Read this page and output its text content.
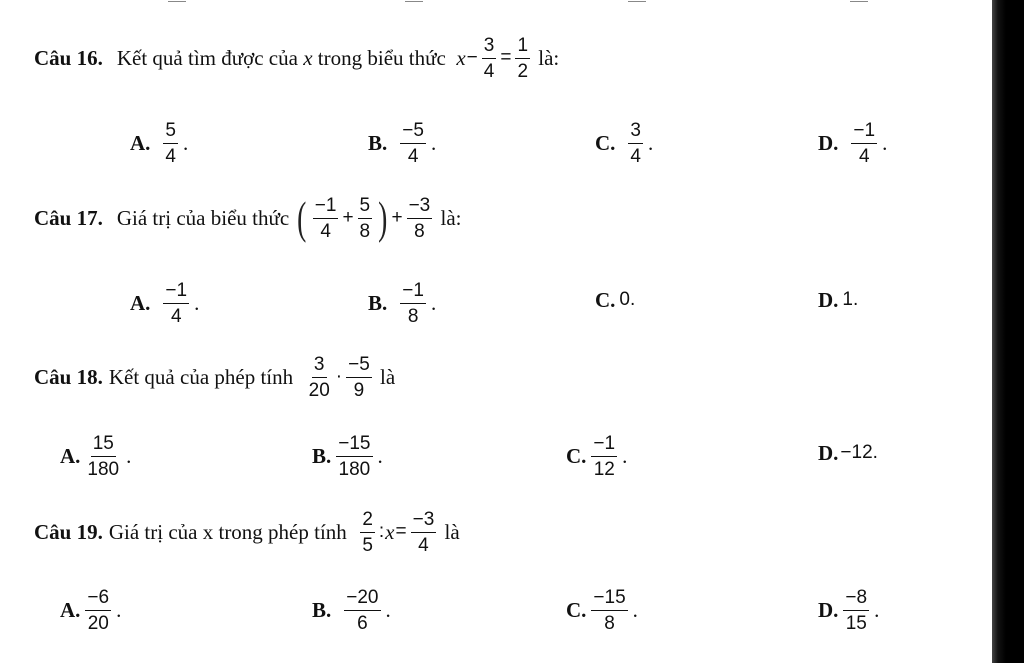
Câu 16. Kết quả tìm được của
x
trong biểu thức
$x - \frac{3}{4} = \frac{1}{2}$
là:
A. $\frac{5}{4}$ .	B. $\frac{-5}{4}$ .	C. $\frac{3}{4}$ .	D. $\frac{-1}{4}$ .
Câu 17. Giá trị của biểu thức
( $\frac{-1}{4} + \frac{5}{8}$ ) + $\frac{-3}{8}$
là:
A. $\frac{-1}{4}$ .	B. $\frac{-1}{8}$ .	C. 0.	D. 1.
Câu 18. Kết quả của phép tính
$\frac{3}{20} \cdot \frac{-5}{9}$
là
A. $\frac{15}{180}$ .	B. $\frac{-15}{180}$ .	C. $\frac{-1}{12}$ .	D. −12.
Câu 19. Giá trị của x trong phép tính
$\frac{2}{5}$ : $x = \frac{-3}{4}$
là
A. $\frac{-6}{20}$ .	B. $\frac{-20}{6}$ .	C. $\frac{-15}{8}$ .	D. $\frac{-8}{15}$ .
